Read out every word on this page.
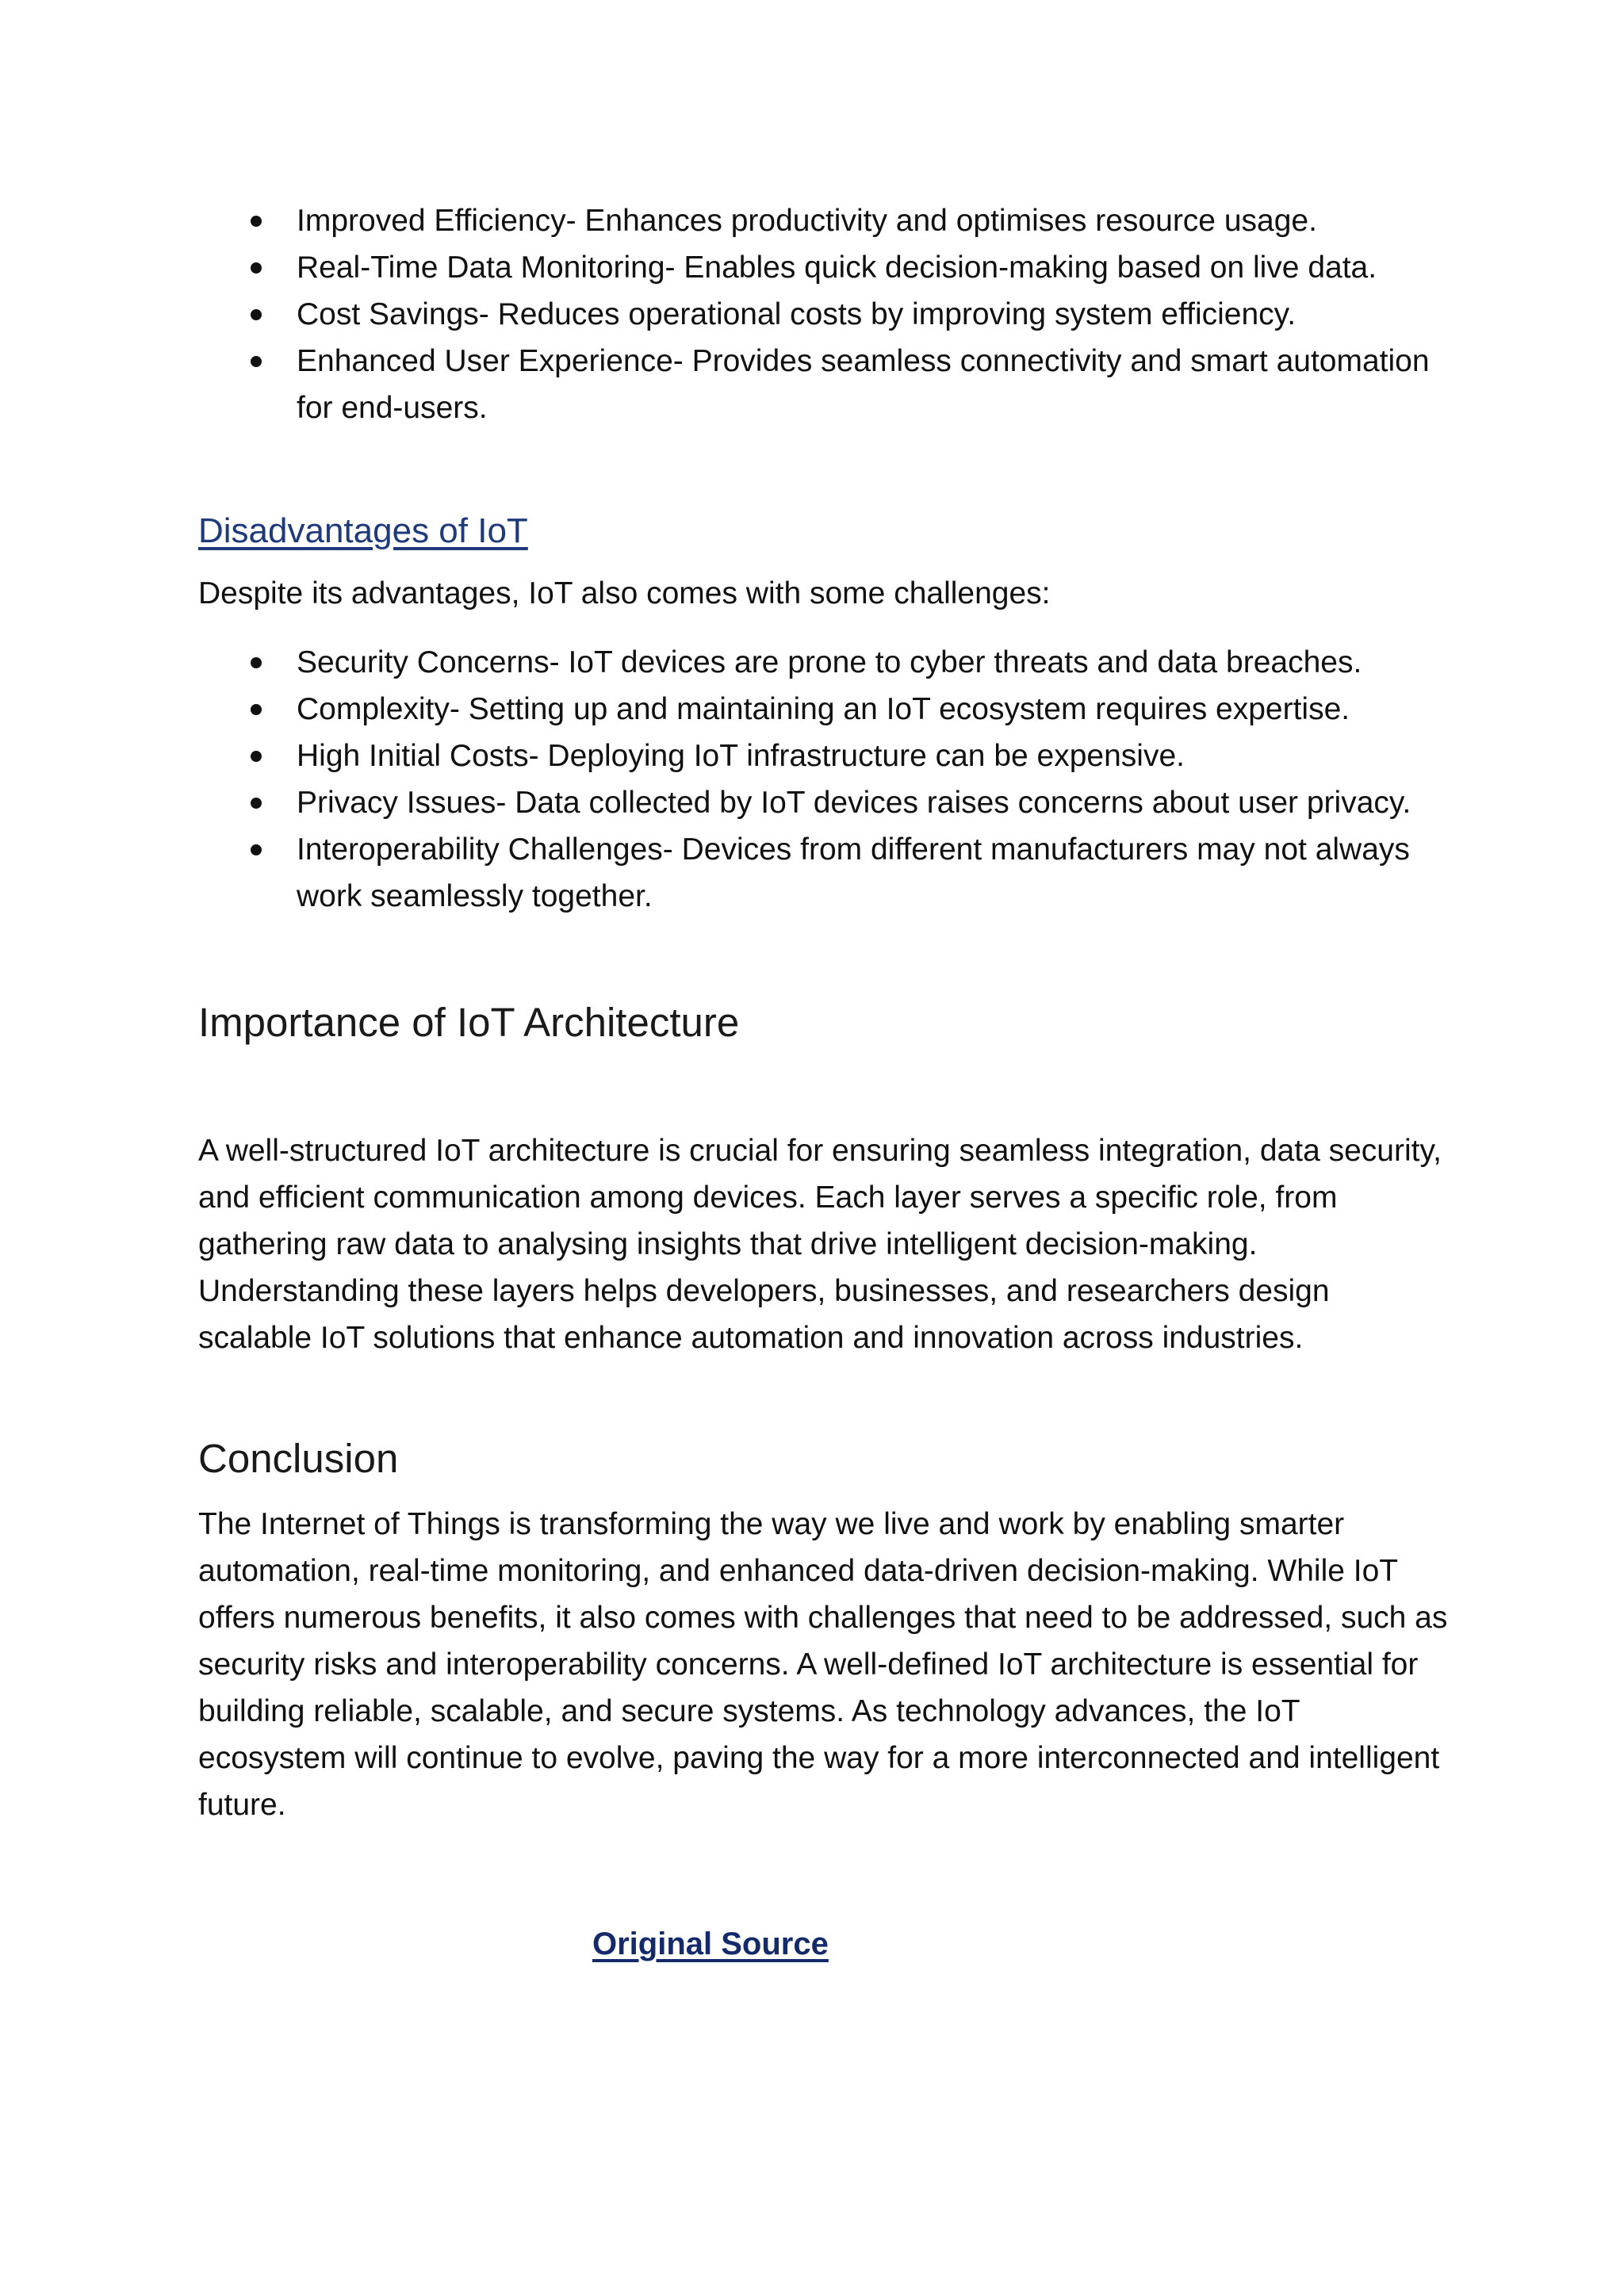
Improved Efficiency- Enhances productivity and optimises resource usage.
Real-Time Data Monitoring- Enables quick decision-making based on live data.
Cost Savings- Reduces operational costs by improving system efficiency.
Enhanced User Experience- Provides seamless connectivity and smart automation for end-users.
Disadvantages of IoT

Despite its advantages, IoT also comes with some challenges:

Security Concerns- IoT devices are prone to cyber threats and data breaches.
Complexity- Setting up and maintaining an IoT ecosystem requires expertise.
High Initial Costs- Deploying IoT infrastructure can be expensive.
Privacy Issues- Data collected by IoT devices raises concerns about user privacy.
Interoperability Challenges- Devices from different manufacturers may not always work seamlessly together.
Importance of IoT Architecture

A well-structured IoT architecture is crucial for ensuring seamless integration, data security, and efficient communication among devices. Each layer serves a specific role, from gathering raw data to analysing insights that drive intelligent decision-making. Understanding these layers helps developers, businesses, and researchers design scalable IoT solutions that enhance automation and innovation across industries.

Conclusion

The Internet of Things is transforming the way we live and work by enabling smarter automation, real-time monitoring, and enhanced data-driven decision-making. While IoT offers numerous benefits, it also comes with challenges that need to be addressed, such as security risks and interoperability concerns. A well-defined IoT architecture is essential for building reliable, scalable, and secure systems. As technology advances, the IoT ecosystem will continue to evolve, paving the way for a more interconnected and intelligent future.

Original Source
